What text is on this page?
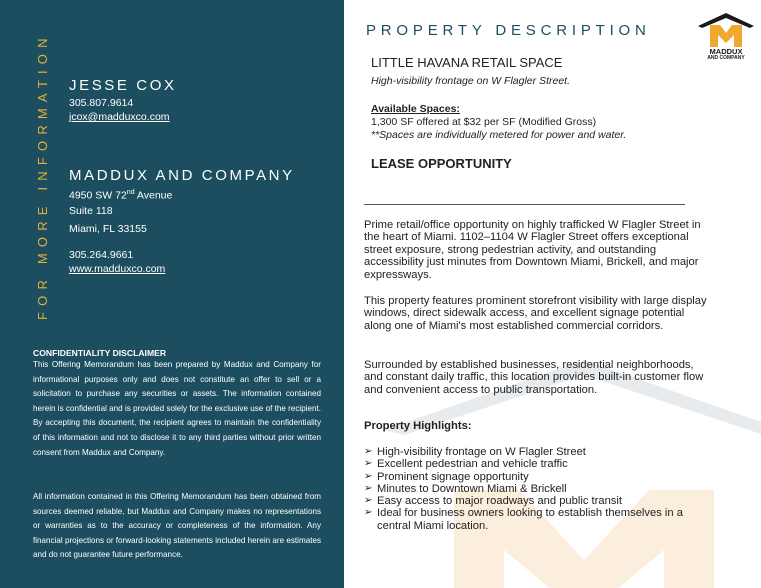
FOR MORE INFORMATION JESSE COX
305.807.9614
jcox@madduxco.com
MADDUX AND COMPANY
4950 SW 72nd Avenue
Suite 118
Miami, FL 33155
305.264.9661
www.madduxco.com
CONFIDENTIALITY DISCLAIMER
This Offering Memorandum has been prepared by Maddux and Company for informational purposes only and does not constitute an offer to sell or a solicitation to purchase any securities or assets. The information contained herein is confidential and is provided solely for the exclusive use of the recipient. By accepting this document, the recipient agrees to maintain the confidentiality of this information and not to disclose it to any third parties without prior written consent from Maddux and Company.
All information contained in this Offering Memorandum has been obtained from sources deemed reliable, but Maddux and Company makes no representations or warranties as to the accuracy or completeness of the information. Any financial projections or forward-looking statements included herein are estimates and do not guarantee future performance.
PROPERTY DESCRIPTION
MADDUX
AND COMPANY
LITTLE HAVANA RETAIL SPACE
High-visibility frontage on W Flagler Street.
Available Spaces:
1,300 SF offered at $32 per SF (Modified Gross)
**Spaces are individually metered for power and water.
LEASE OPPORTUNITY
Prime retail/office opportunity on highly trafficked W Flagler Street in the heart of Miami. 1102–1104 W Flagler Street offers exceptional street exposure, strong pedestrian activity, and outstanding accessibility just minutes from Downtown Miami, Brickell, and major expressways.
This property features prominent storefront visibility with large display windows, direct sidewalk access, and excellent signage potential along one of Miami's most established commercial corridors.
Surrounded by established businesses, residential neighborhoods, and constant daily traffic, this location provides built-in customer flow and convenient access to public transportation.
Property Highlights:
➢ High-visibility frontage on W Flagler Street
➢ Excellent pedestrian and vehicle traffic
➢ Prominent signage opportunity
➢ Minutes to Downtown Miami & Brickell
➢ Easy access to major roadways and public transit
➢ Ideal for business owners looking to establish themselves in a central Miami location.
